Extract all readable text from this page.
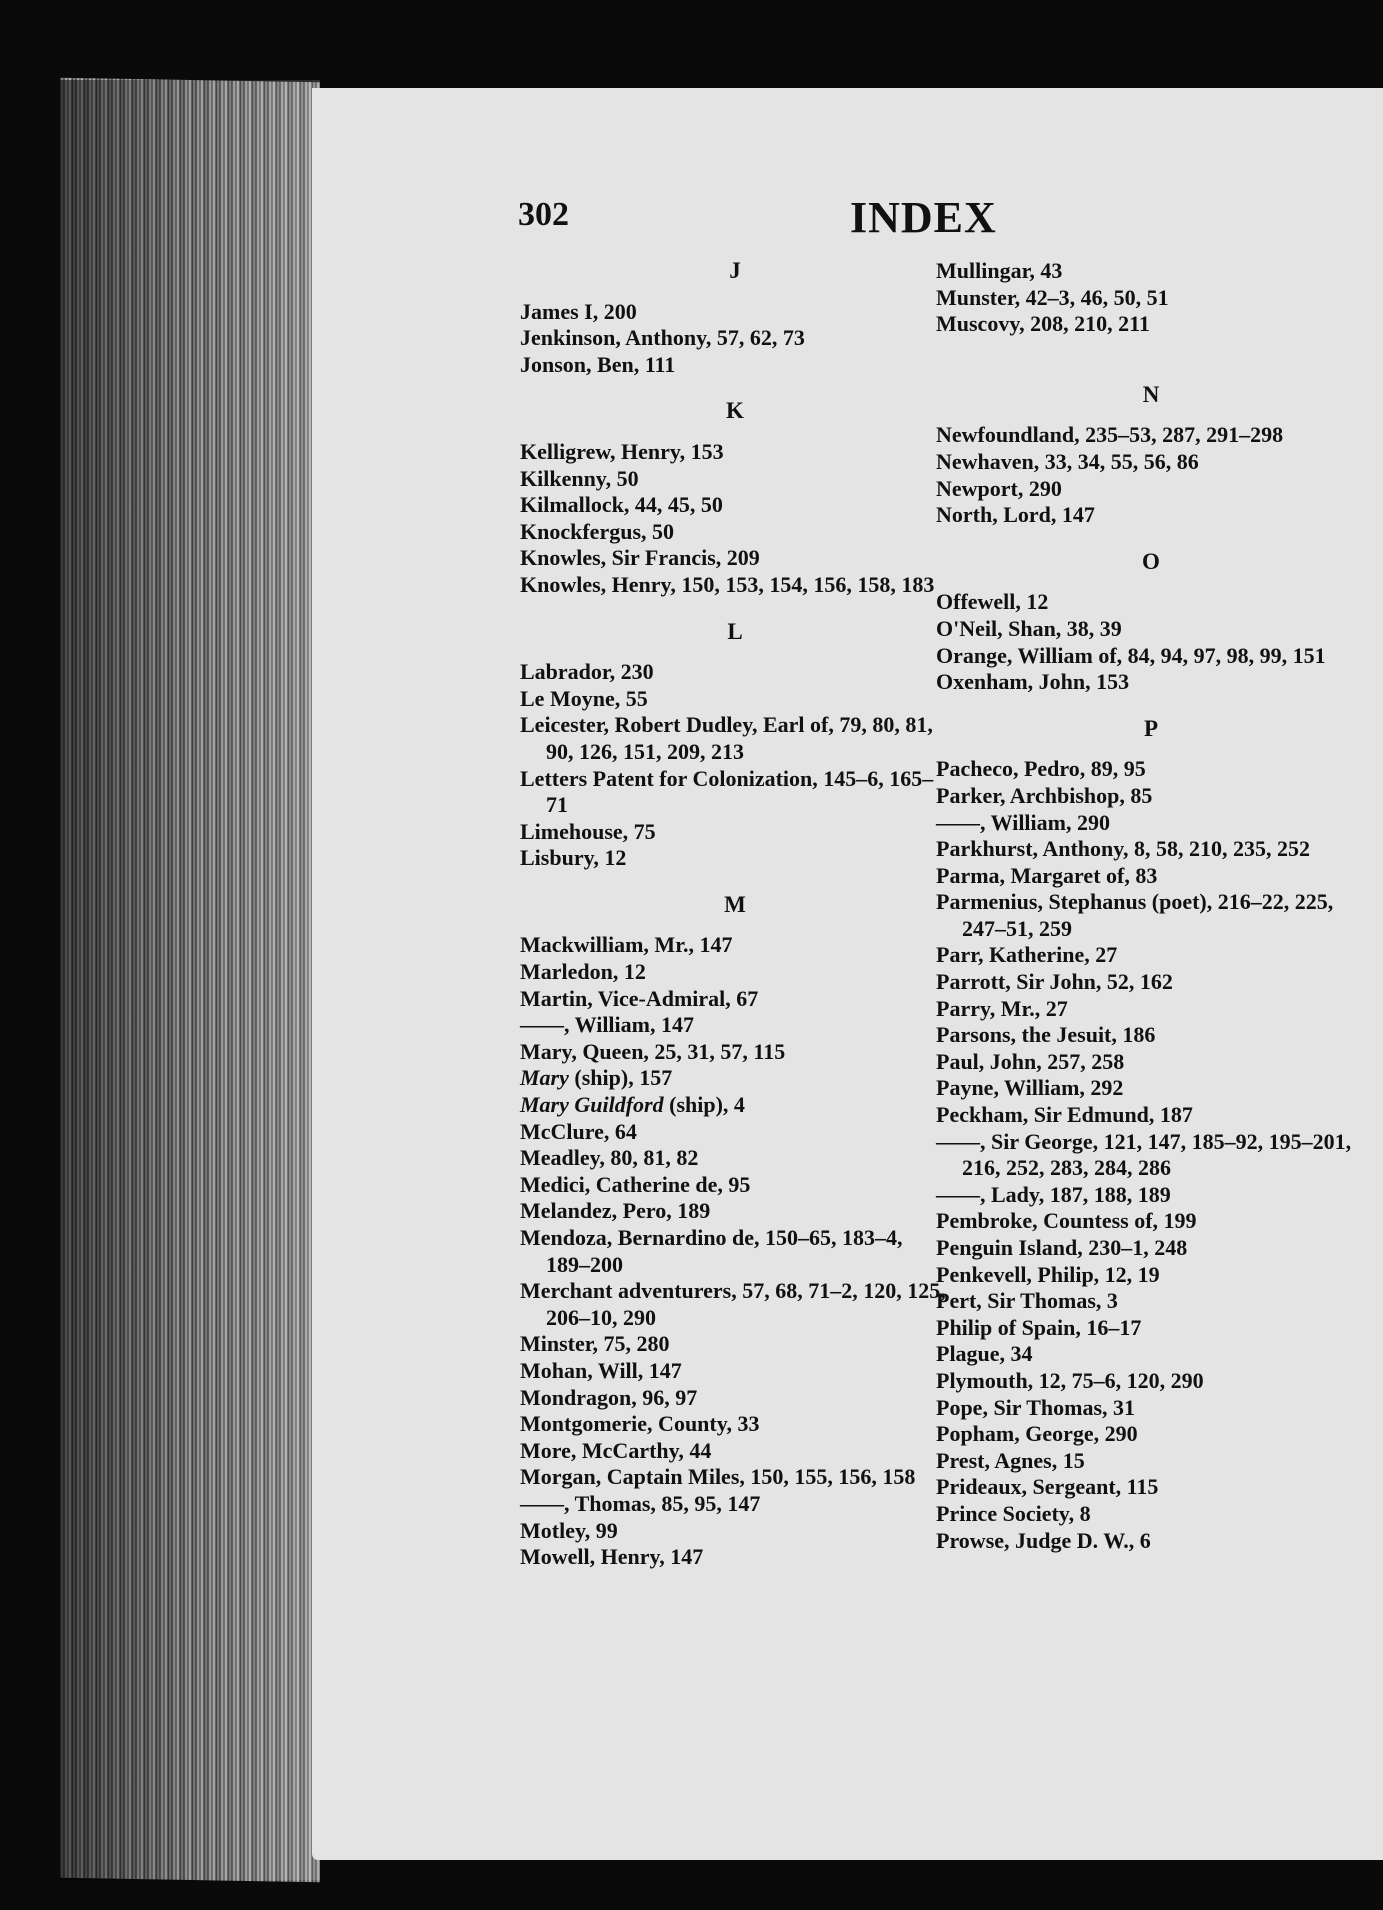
302	INDEX
J
James I, 200
Jenkinson, Anthony, 57, 62, 73
Jonson, Ben, 111
K
Kelligrew, Henry, 153
Kilkenny, 50
Kilmallock, 44, 45, 50
Knockfergus, 50
Knowles, Sir Francis, 209
Knowles, Henry, 150, 153, 154, 156, 158, 183
L
Labrador, 230
Le Moyne, 55
Leicester, Robert Dudley, Earl of, 79, 80, 81, 90, 126, 151, 209, 213
Letters Patent for Colonization, 145–6, 165–71
Limehouse, 75
Lisbury, 12
M
Mackwilliam, Mr., 147
Marledon, 12
Martin, Vice-Admiral, 67
——, William, 147
Mary, Queen, 25, 31, 57, 115
Mary (ship), 157
Mary Guildford (ship), 4
McClure, 64
Meadley, 80, 81, 82
Medici, Catherine de, 95
Melandez, Pero, 189
Mendoza, Bernardino de, 150–65, 183–4, 189–200
Merchant adventurers, 57, 68, 71–2, 120, 125, 206–10, 290
Minster, 75, 280
Mohan, Will, 147
Mondragon, 96, 97
Montgomerie, County, 33
More, McCarthy, 44
Morgan, Captain Miles, 150, 155, 156, 158
——, Thomas, 85, 95, 147
Motley, 99
Mowell, Henry, 147
Mullingar, 43
Munster, 42–3, 46, 50, 51
Muscovy, 208, 210, 211
N
Newfoundland, 235–53, 287, 291–298
Newhaven, 33, 34, 55, 56, 86
Newport, 290
North, Lord, 147
O
Offewell, 12
O'Neil, Shan, 38, 39
Orange, William of, 84, 94, 97, 98, 99, 151
Oxenham, John, 153
P
Pacheco, Pedro, 89, 95
Parker, Archbishop, 85
——, William, 290
Parkhurst, Anthony, 8, 58, 210, 235, 252
Parma, Margaret of, 83
Parmenius, Stephanus (poet), 216–22, 225, 247–51, 259
Parr, Katherine, 27
Parrott, Sir John, 52, 162
Parry, Mr., 27
Parsons, the Jesuit, 186
Paul, John, 257, 258
Payne, William, 292
Peckham, Sir Edmund, 187
——, Sir George, 121, 147, 185–92, 195–201, 216, 252, 283, 284, 286
——, Lady, 187, 188, 189
Pembroke, Countess of, 199
Penguin Island, 230–1, 248
Penkevell, Philip, 12, 19
Pert, Sir Thomas, 3
Philip of Spain, 16–17
Plague, 34
Plymouth, 12, 75–6, 120, 290
Pope, Sir Thomas, 31
Popham, George, 290
Prest, Agnes, 15
Prideaux, Sergeant, 115
Prince Society, 8
Prowse, Judge D. W., 6
